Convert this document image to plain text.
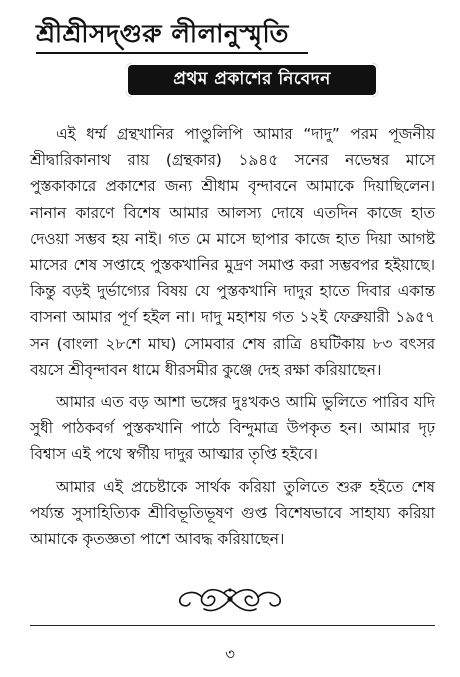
শ্রীশ্রীসদ্গুরু লীলানুস্মৃতি
প্রথম প্রকাশের নিবেদন

এই ধর্ম্ম গ্রন্থখানির পাণ্ডুলিপি আমার “দাদু” পরম পূজনীয় শ্রীদ্বারিকানাথ রায় (গ্রন্থকার) ১৯৪৫ সনের নভেম্বর মাসে পুস্তকাকারে প্রকাশের জন্য শ্রীধাম বৃন্দাবনে আমাকে দিয়াছিলেন। নানান কারণে বিশেষ আমার আলস্য দোষে এতদিন কাজে হাত দেওয়া সম্ভব হয় নাই। গত মে মাসে ছাপার কাজে হাত দিয়া আগষ্ট মাসের শেষ সপ্তাহে পুস্তকখানির মুদ্রণ সমাপ্ত করা সম্ভবপর হইয়াছে। কিন্তু বড়ই দুর্ভাগ্যের বিষয় যে পুস্তকখানি দাদুর হাতে দিবার একান্ত বাসনা আমার পূর্ণ হইল না। দাদু মহাশয় গত ১২ই ফেব্রুয়ারী ১৯৫৭ সন (বাংলা ২৮শে মাঘ) সোমবার শেষ রাত্রি ৪ঘটিকায় ৮৩ বৎসর বয়সে শ্রীবৃন্দাবন ধামে ধীরসমীর কুঞ্জে দেহ রক্ষা করিয়াছেন।

আমার এত বড় আশা ভঙ্গের দুঃখকও আমি ভুলিতে পারিব যদি সুধী পাঠকবর্গ পুস্তকখানি পাঠে বিন্দুমাত্র উপকৃত হন। আমার দৃঢ় বিশ্বাস এই পথে স্বর্গীয় দাদুর আত্মার তৃপ্তি হইবে।

আমার এই প্রচেষ্টাকে সার্থক করিয়া তুলিতে শুরু হইতে শেষ পর্য্যন্ত সুসাহিত্যিক শ্রীবিভূতিভূষণ গুপ্ত বিশেষভাবে সাহায্য করিয়া আমাকে কৃতজ্ঞতা পাশে আবদ্ধ করিয়াছেন।

৩
